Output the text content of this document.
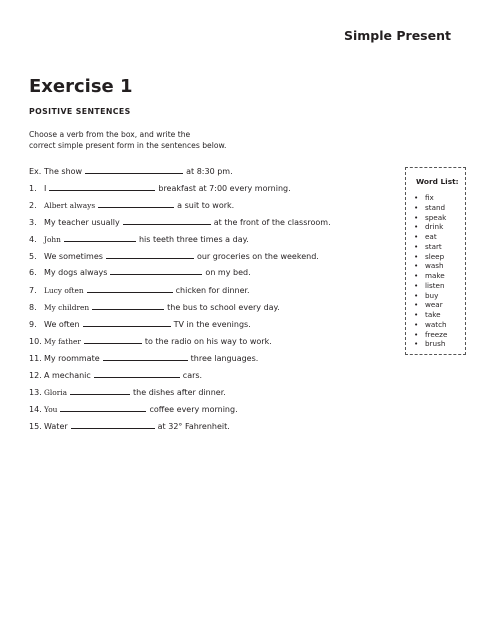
Simple Present
Exercise 1
POSITIVE SENTENCES
Choose a verb from the box, and write the
correct simple present form in the sentences below.
Ex. The show	at 8:30 pm.
1. I	breakfast at 7:00 every morning.
2. Albert always	a suit to work.
3. My teacher usually	at the front of the classroom.
4. John	his teeth three times a day.
5. We sometimes	our groceries on the weekend.
6. My dogs always	on my bed.
7. Lucy often	chicken for dinner.
8. My children	the bus to school every day.
9. We often	TV in the evenings.
10. My father	to the radio on his way to work.
11. My roommate	three languages.
12. A mechanic	cars.
13. Gloria	the dishes after dinner.
14. You	coffee every morning.
15. Water	at 32° Fahrenheit.
Word List:
• fix
• stand
• speak
• drink
• eat
• start
• sleep
• wash
• make
• listen
• buy
• wear
• take
• watch
• freeze
• brush
